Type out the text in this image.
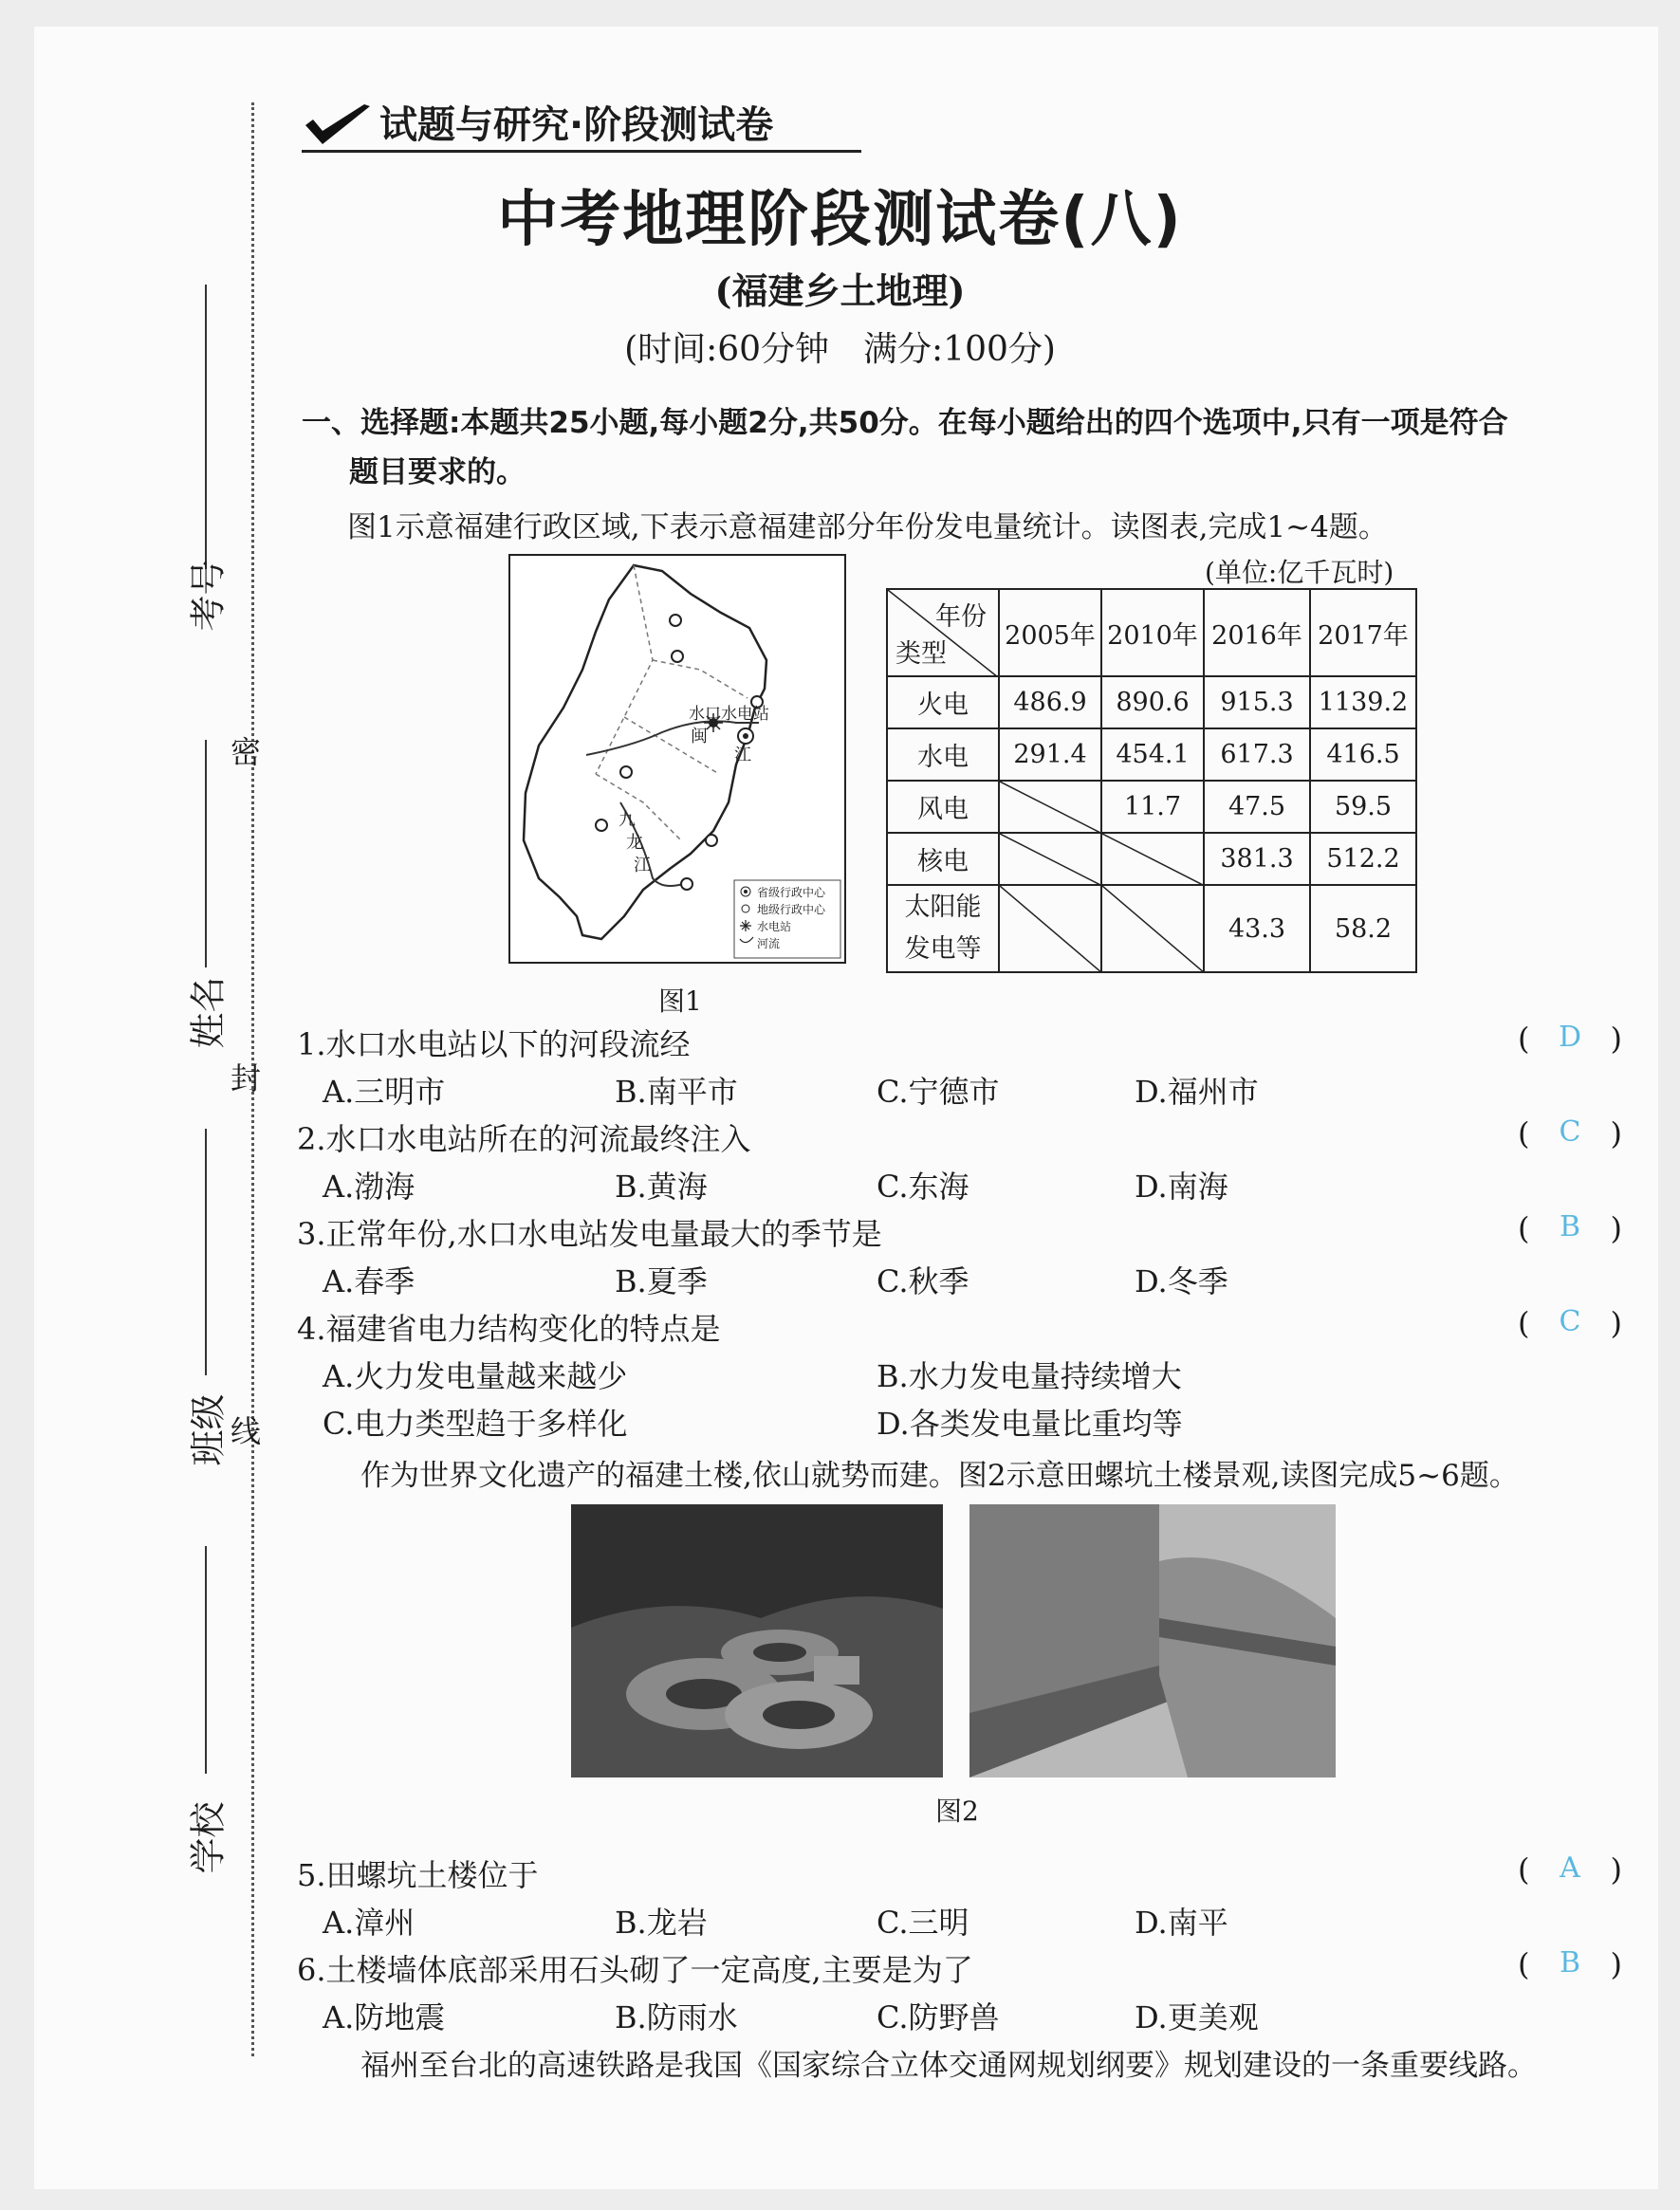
考号
姓名
班级
学校
密
封
线
试题与研究·阶段测试卷
中考地理阶段测试卷(八)
(福建乡土地理)
(时间:60分钟　满分:100分)
一、选择题:本题共25小题,每小题2分,共50分。在每小题给出的四个选项中,只有一项是符合
题目要求的。
图1示意福建行政区域,下表示意福建部分年份发电量统计。读图表,完成1~4题。
水口水电站
闽
江
九
龙
江
省级行政中心
地级行政中心
水电站
河流
图1
(单位:亿千瓦时)
年份
类型	2005年	2010年	2016年	2017年
火电	486.9	890.6	915.3	1139.2
水电	291.4	454.1	617.3	416.5
风电		11.7	47.5	59.5
核电			381.3	512.2

太阳能
发电等			43.3	58.2
1.水口水电站以下的河段流经	( D )
A.三明市	B.南平市	C.宁德市	D.福州市
2.水口水电站所在的河流最终注入	( C )
A.渤海	B.黄海	C.东海	D.南海
3.正常年份,水口水电站发电量最大的季节是	( B )
A.春季	B.夏季	C.秋季	D.冬季
4.福建省电力结构变化的特点是	( C )
A.火力发电量越来越少	B.水力发电量持续增大
C.电力类型趋于多样化	D.各类发电量比重均等
作为世界文化遗产的福建土楼,依山就势而建。图2示意田螺坑土楼景观,读图完成5~6题。
图2
5.田螺坑土楼位于	( A )
A.漳州	B.龙岩	C.三明	D.南平
6.土楼墙体底部采用石头砌了一定高度,主要是为了	( B )
A.防地震	B.防雨水	C.防野兽	D.更美观
福州至台北的高速铁路是我国《国家综合立体交通网规划纲要》规划建设的一条重要线路。
